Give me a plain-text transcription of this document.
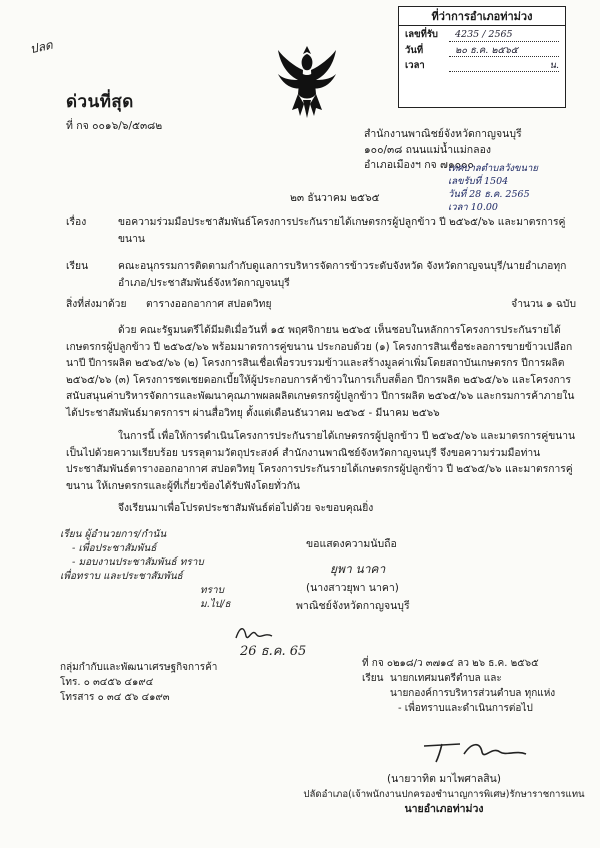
ที่ว่าการอำเภอท่าม่วง
เลขที่รับ	4235 / 2565
วันที่	๒๐ ธ.ค. ๒๕๖๕
เวลา	น.
ปลด
ด่วนที่สุด
ที่ กจ ๐๐๑๖/๖/๕๓๘๒
สำนักงานพาณิชย์จังหวัดกาญจนบุรี
๑๐๐/๓๘ ถนนแม่น้ำแม่กลอง
อำเภอเมืองฯ กจ ๗๑๐๐๐
เทศบาลตำบลวังขนาย
เลขรับที่ 1504
วันที่ 28 ธ.ค. 2565
เวลา 10.00
๒๓ ธันวาคม ๒๕๖๕
เรื่อง	ขอความร่วมมือประชาสัมพันธ์โครงการประกันรายได้เกษตรกรผู้ปลูกข้าว ปี ๒๕๖๕/๖๖ และมาตรการคู่ขนาน
เรียน	คณะอนุกรรมการติดตามกำกับดูแลการบริหารจัดการข้าวระดับจังหวัด จังหวัดกาญจนบุรี/นายอำเภอทุกอำเภอ/ประชาสัมพันธ์จังหวัดกาญจนบุรี
สิ่งที่ส่งมาด้วย	ตารางออกอากาศ สปอตวิทยุ	จำนวน ๑ ฉบับ
ด้วย คณะรัฐมนตรีได้มีมติเมื่อวันที่ ๑๕ พฤศจิกายน ๒๕๖๕ เห็นชอบในหลักการโครงการประกันรายได้เกษตรกรผู้ปลูกข้าว ปี ๒๕๖๕/๖๖ พร้อมมาตรการคู่ขนาน ประกอบด้วย (๑) โครงการสินเชื่อชะลอการขายข้าวเปลือกนาปี ปีการผลิต ๒๕๖๕/๖๖ (๒) โครงการสินเชื่อเพื่อรวบรวมข้าวและสร้างมูลค่าเพิ่มโดยสถาบันเกษตรกร ปีการผลิต ๒๕๖๕/๖๖ (๓) โครงการชดเชยดอกเบี้ยให้ผู้ประกอบการค้าข้าวในการเก็บสต็อก ปีการผลิต ๒๕๖๕/๖๖ และโครงการสนับสนุนค่าบริหารจัดการและพัฒนาคุณภาพผลผลิตเกษตรกรผู้ปลูกข้าว ปีการผลิต ๒๕๖๕/๖๖ และกรมการค้าภายใน ได้ประชาสัมพันธ์มาตรการฯ ผ่านสื่อวิทยุ ตั้งแต่เดือนธันวาคม ๒๕๖๕ - มีนาคม ๒๕๖๖
ในการนี้ เพื่อให้การดำเนินโครงการประกันรายได้เกษตรกรผู้ปลูกข้าว ปี ๒๕๖๕/๖๖ และมาตรการคู่ขนาน เป็นไปด้วยความเรียบร้อย บรรลุตามวัตถุประสงค์ สำนักงานพาณิชย์จังหวัดกาญจนบุรี จึงขอความร่วมมือท่านประชาสัมพันธ์ตารางออกอากาศ สปอตวิทยุ โครงการประกันรายได้เกษตรกรผู้ปลูกข้าว ปี ๒๕๖๕/๖๖ และมาตรการคู่ขนาน ให้เกษตรกรและผู้ที่เกี่ยวข้องได้รับฟังโดยทั่วกัน
จึงเรียนมาเพื่อโปรดประชาสัมพันธ์ต่อไปด้วย จะขอบคุณยิ่ง
ขอแสดงความนับถือ
ยุพา นาคา
(นางสาวยุพา นาคา)
พาณิชย์จังหวัดกาญจนบุรี
เรียน ผู้อำนวยการ/กำนัน
- เพื่อประชาสัมพันธ์
- มอบงานประชาสัมพันธ์ ทราบ
เพื่อทราบ และประชาสัมพันธ์
ทราบ
ม.ไป/ธ
26 ธ.ค. 65
กลุ่มกำกับและพัฒนาเศรษฐกิจการค้า
โทร. ๐ ๓๔๕๖ ๔๑๙๔
โทรสาร ๐ ๓๔ ๕๖ ๔๑๙๓
ที่ กจ ๐๒๑๘/ว ๓๗๑๔ ลว ๒๖ ธ.ค. ๒๕๖๕
เรียน นายกเทศมนตรีตำบล และ
นายกองค์การบริหารส่วนตำบล ทุกแห่ง
- เพื่อทราบและดำเนินการต่อไป
(นายวาทิต มาไพศาลสิน)
ปลัดอำเภอ(เจ้าพนักงานปกครองชำนาญการพิเศษ)รักษาราชการแทน
นายอำเภอท่าม่วง
